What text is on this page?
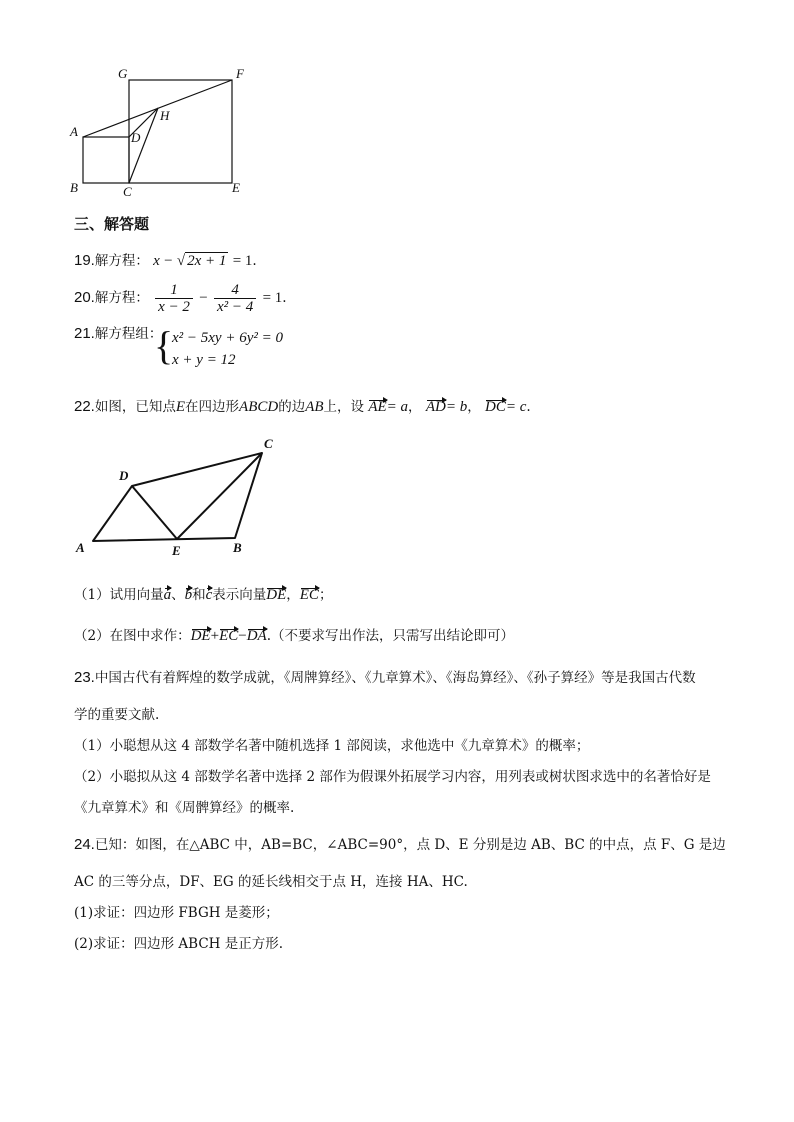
G	F
H
A	D
B	C	E
三、解答题
19.解方程： x − √ 2x + 1 = 1.
20.解方程： $\frac{1}{x - 2} - \frac{4}{\text{x² − 4}} = 1$.
21.解方程组：
{
x² − 5xy + 6y² = 0
x + y = 12
22.如图，已知点E在四边形ABCD的边AB上，设 AE= a， AD= b， DC= c.
C
D
A	E	B
（1）试用向量a、b和c表示向量DE，EC；
（2）在图中求作：DE+EC−DA.（不要求写出作法，只需写出结论即可）
23.中国古代有着辉煌的数学成就，《周牌算经》、《九章算术》、《海岛算经》、《孙子算经》等是我国古代数
学的重要文献.
（1）小聪想从这 4 部数学名著中随机选择 1 部阅读，求他选中《九章算术》的概率；
（2）小聪拟从这 4 部数学名著中选择 2 部作为假课外拓展学习内容，用列表或树状图求选中的名著恰好是
《九章算术》和《周髀算经》的概率.
24.已知：如图，在△ABC 中，AB=BC，∠ABC=90°，点 D、E 分别是边 AB、BC 的中点，点 F、G 是边
AC 的三等分点，DF、EG 的延长线相交于点 H，连接 HA、HC.
(1)求证：四边形 FBGH 是菱形；
(2)求证：四边形 ABCH 是正方形.
